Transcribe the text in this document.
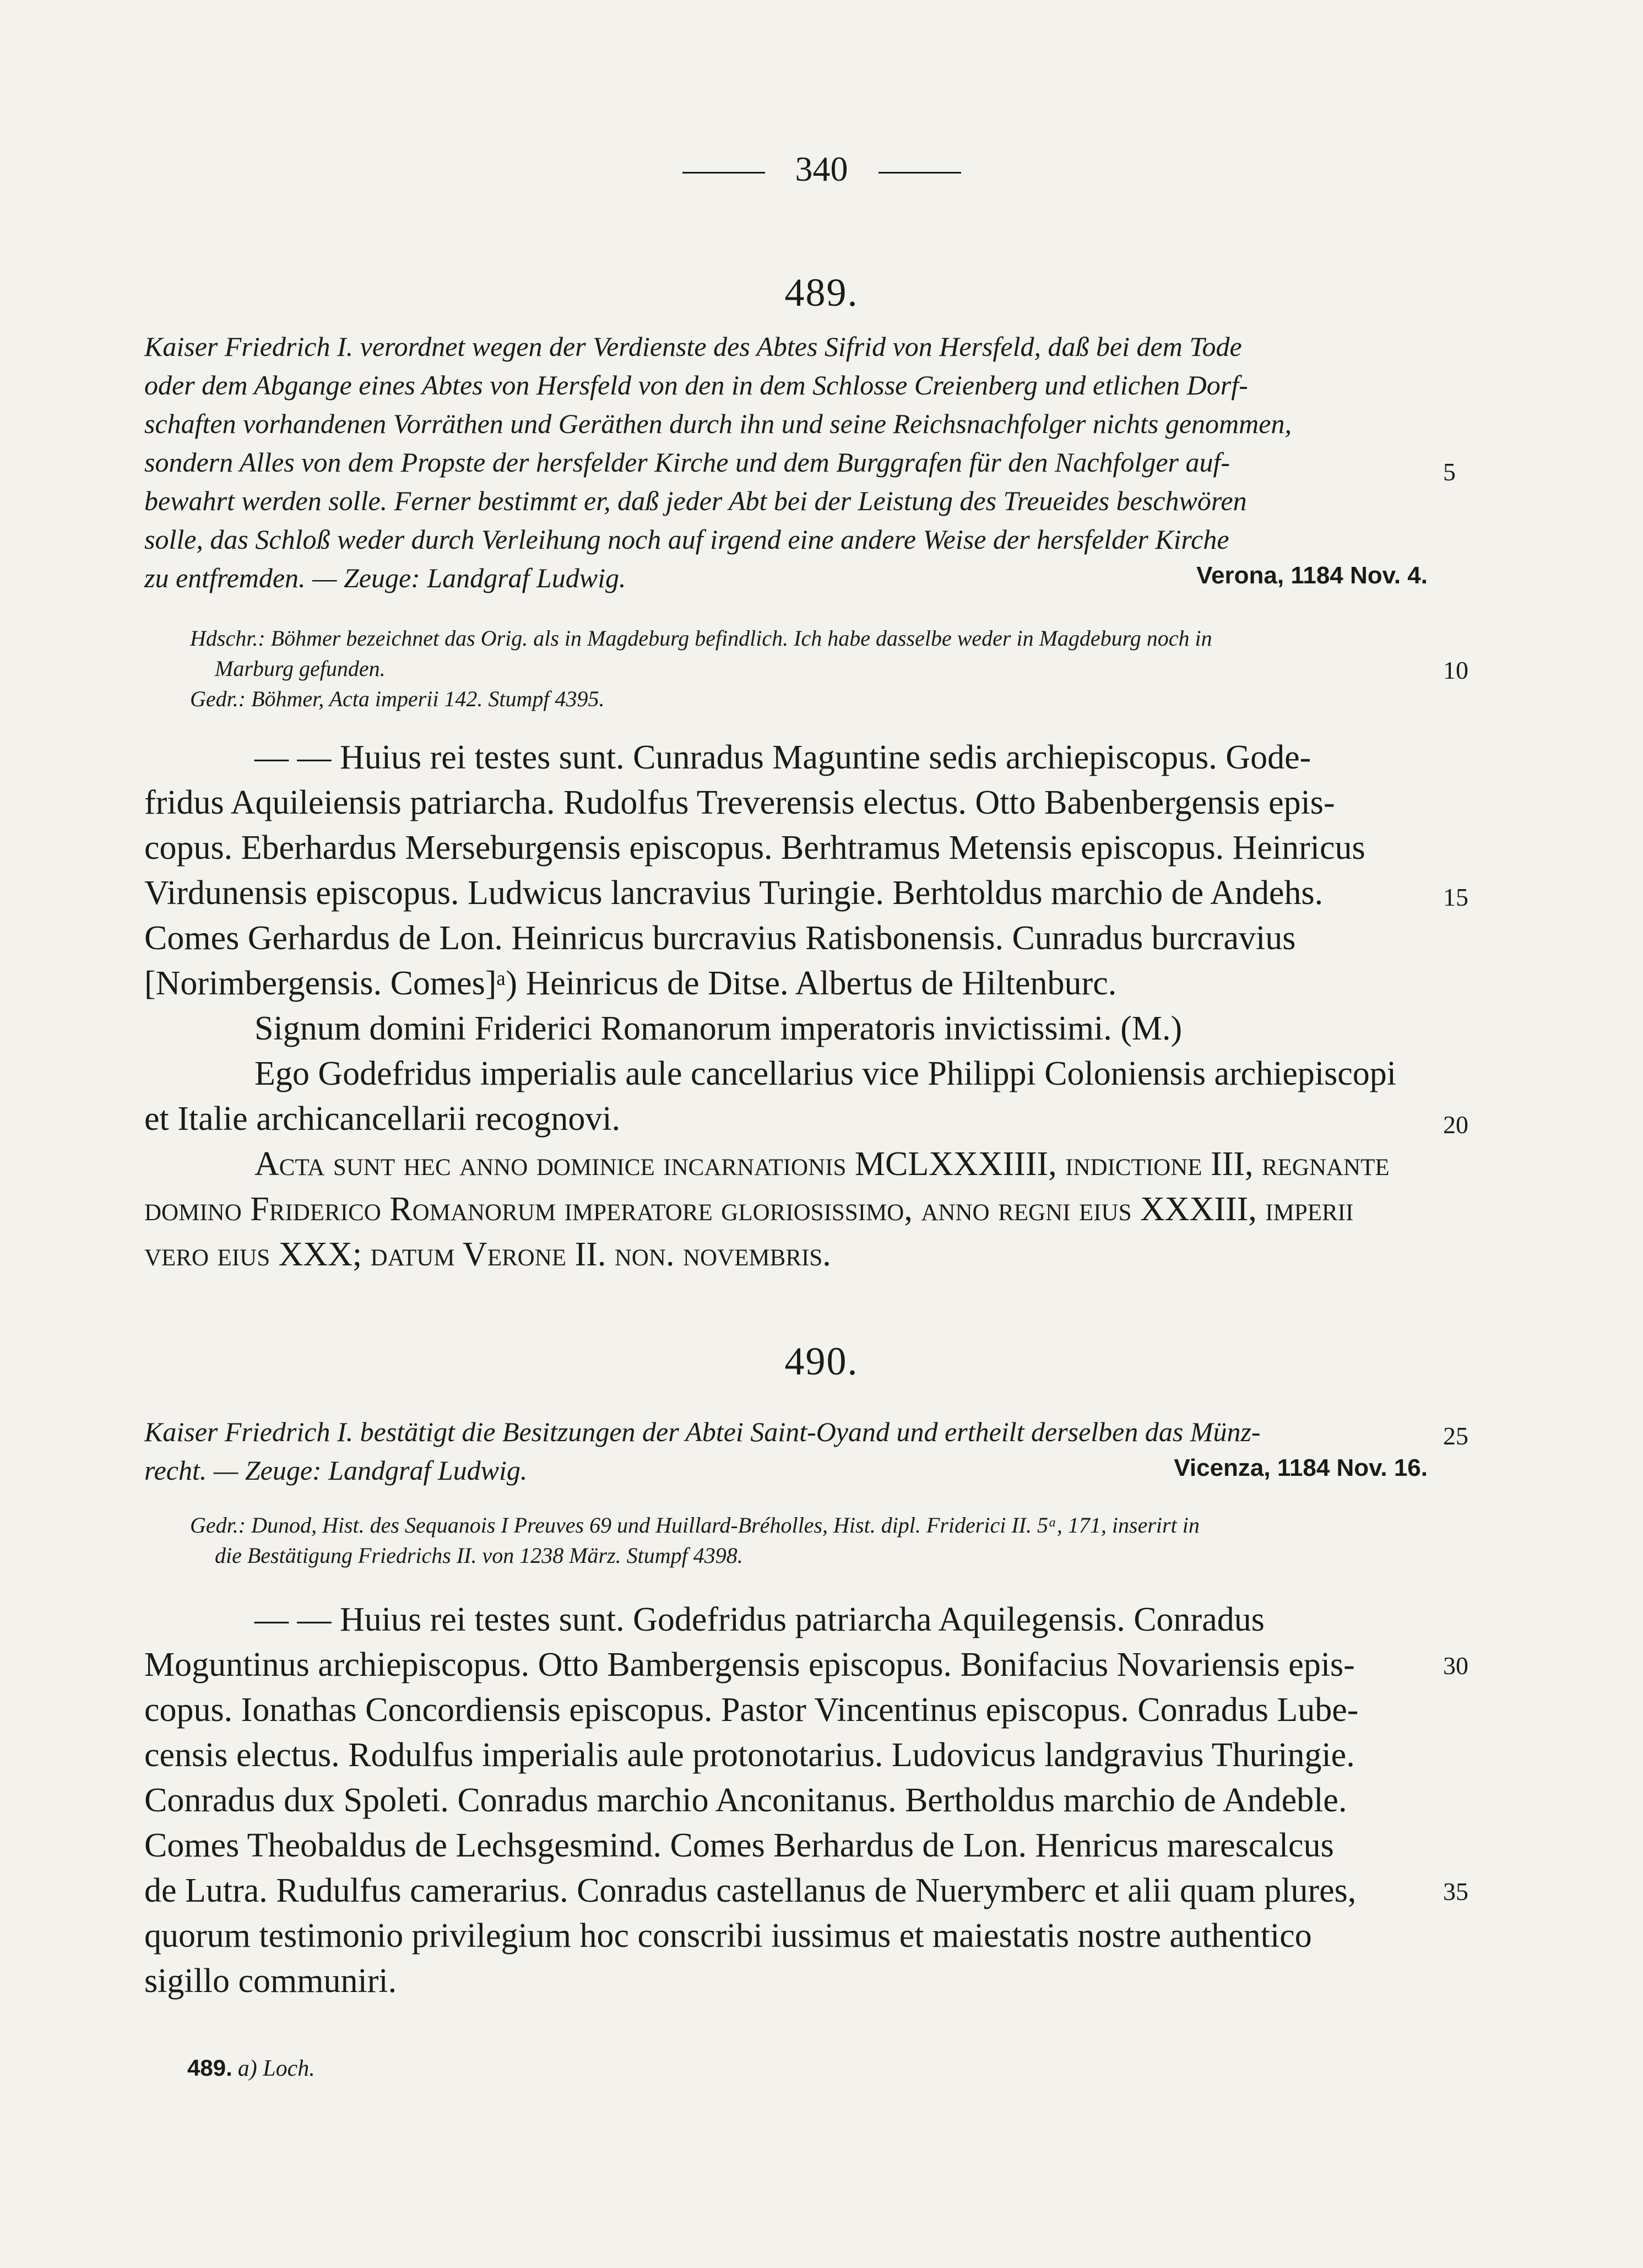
340
489.
Kaiser Friedrich I. verordnet wegen der Verdienste des Abtes Sifrid von Hersfeld, daß bei dem Tode
oder dem Abgange eines Abtes von Hersfeld von den in dem Schlosse Creienberg und etlichen Dorf-
schaften vorhandenen Vorräthen und Geräthen durch ihn und seine Reichsnachfolger nichts genommen,
sondern Alles von dem Propste der hersfelder Kirche und dem Burggrafen für den Nachfolger auf-
bewahrt werden solle. Ferner bestimmt er, daß jeder Abt bei der Leistung des Treueides beschwören
solle, das Schloß weder durch Verleihung noch auf irgend eine andere Weise der hersfelder Kirche
zu entfremden. — Zeuge: Landgraf Ludwig.	Verona, 1184 Nov. 4.
Hdschr.: Böhmer bezeichnet das Orig. als in Magdeburg befindlich. Ich habe dasselbe weder in Magdeburg noch in
Marburg gefunden.
Gedr.: Böhmer, Acta imperii 142. Stumpf 4395.
— — Huius rei testes sunt. Cunradus Maguntine sedis archiepiscopus. Gode-
fridus Aquileiensis patriarcha. Rudolfus Treverensis electus. Otto Babenbergensis epis-
copus. Eberhardus Merseburgensis episcopus. Berhtramus Metensis episcopus. Heinricus
Virdunensis episcopus. Ludwicus lancravius Turingie. Berhtoldus marchio de Andehs.
Comes Gerhardus de Lon. Heinricus burcravius Ratisbonensis. Cunradus burcravius
[Norimbergensis. Comes]ᵃ) Heinricus de Ditse. Albertus de Hiltenburc.
Signum domini Friderici Romanorum imperatoris invictissimi. (M.)
Ego Godefridus imperialis aule cancellarius vice Philippi Coloniensis archiepiscopi
et Italie archicancellarii recognovi.
Acta sunt hec anno dominice incarnationis MCLXXXIIII, indictione III, regnante
domino Friderico Romanorum imperatore gloriosissimo, anno regni eius XXXIII, imperii
vero eius XXX; datum Verone II. non. novembris.
490.
Kaiser Friedrich I. bestätigt die Besitzungen der Abtei Saint-Oyand und ertheilt derselben das Münz-
recht. — Zeuge: Landgraf Ludwig.	Vicenza, 1184 Nov. 16.
Gedr.: Dunod, Hist. des Sequanois I Preuves 69 und Huillard-Bréholles, Hist. dipl. Friderici II. 5ᵃ, 171, inserirt in
die Bestätigung Friedrichs II. von 1238 März. Stumpf 4398.
— — Huius rei testes sunt. Godefridus patriarcha Aquilegensis. Conradus
Moguntinus archiepiscopus. Otto Bambergensis episcopus. Bonifacius Novariensis epis-
copus. Ionathas Concordiensis episcopus. Pastor Vincentinus episcopus. Conradus Lube-
censis electus. Rodulfus imperialis aule protonotarius. Ludovicus landgravius Thuringie.
Conradus dux Spoleti. Conradus marchio Anconitanus. Bertholdus marchio de Andeble.
Comes Theobaldus de Lechsgesmind. Comes Berhardus de Lon. Henricus marescalcus
de Lutra. Rudulfus camerarius. Conradus castellanus de Nuerymberc et alii quam plures,
quorum testimonio privilegium hoc conscribi iussimus et maiestatis nostre authentico
sigillo communiri.
5
10
15
20
25
30
35
489. a) Loch.
